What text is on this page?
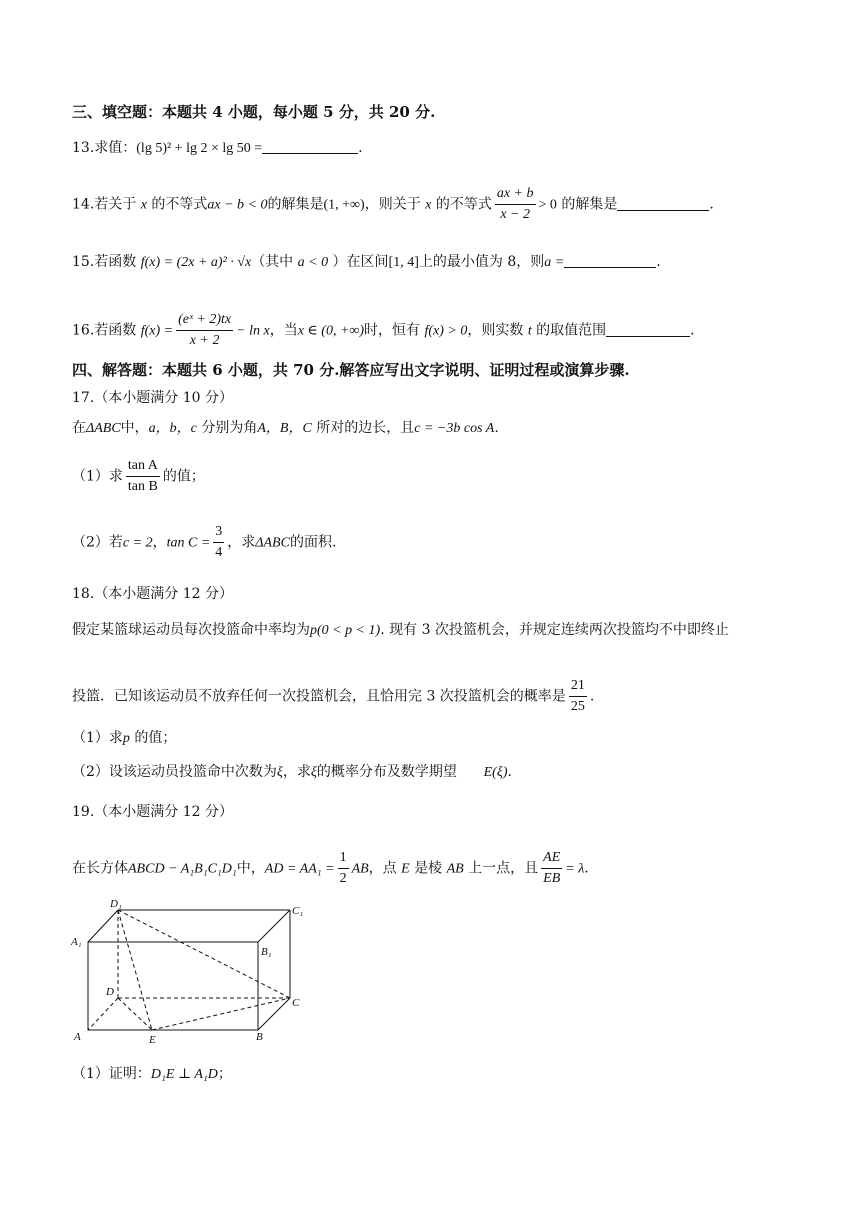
三、填空题：本题共 4 小题，每小题 5 分，共 20 分.
13.求值：(lg 5)² + lg 2 × lg 50 =	.
14.若关于 x 的不等式ax − b < 0的解集是(1, +∞)，则关于 x 的不等式 $\frac{ax + b}{x - 2} > 0$ 的解集是	.
15.若函数 f(x) = (2x + a)² · √x（其中 a < 0 ）在区间[1, 4]上的最小值为 8，则a =	.
16.若函数 $f(x) = \frac{\text{(eˣ + 2)tx}}{x + 2} - \ln x$，当x ∈ (0, +∞)时，恒有 f(x) > 0，则实数 t 的取值范围	.
四、解答题：本题共 6 小题，共 70 分.解答应写出文字说明、证明过程或演算步骤.
17.（本小题满分 10 分）
在ΔABC中，a，b，c 分别为角A，B，C 所对的边长，且c = −3b cos A.
（1）求 $\frac{\text{tan A}}{\text{tan B}}$ 的值；
（2）若c = 2，$\tan C = \frac{3}{4}$ ，求ΔABC的面积.
18.（本小题满分 12 分）
假定某篮球运动员每次投篮命中率均为p(0 < p < 1). 现有 3 次投篮机会，并规定连续两次投篮均不中即终止
投篮．已知该运动员不放弃任何一次投篮机会，且恰用完 3 次投篮机会的概率是 $\frac{21}{25}$ .
（1）求p 的值；
（2）设该运动员投篮命中次数为ξ，求ξ的概率分布及数学期望 E(ξ).
19.（本小题满分 12 分）
在长方体ABCD − A₁B₁C₁D₁中，AD = $AA_1 = \frac{1}{2}$ AB，点 E 是棱 AB 上一点，且 $\frac{AE}{EB} = \lambda$.
D₁
C₁
A₁
B₁
D
C
A	E	B
（1）证明：D₁E ⊥ A₁D；
